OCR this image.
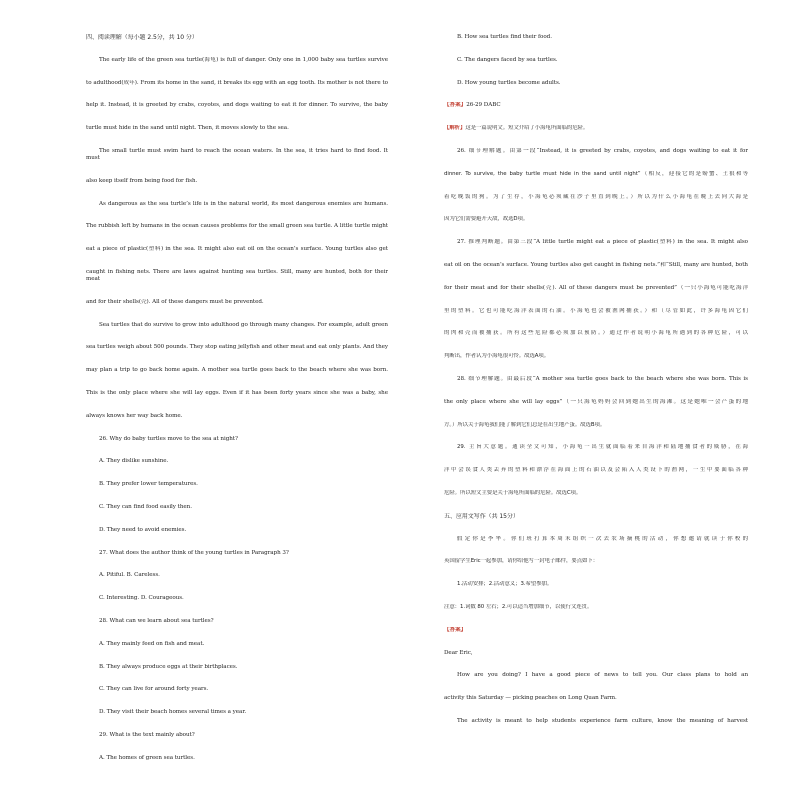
四、阅读理解（每小题 2.5分，共 10 分）

The early life of the green sea turtle(海龟) is full of danger. Only one in 1,000 baby sea turtles survive

to adulthood(成年). From its home in the sand, it breaks its egg with an egg tooth. Its mother is not there to

help it. Instead, it is greeted by crabs, coyotes, and dogs waiting to eat it for dinner. To survive, the baby

turtle must hide in the sand until night. Then, it moves slowly to the sea.

The small turtle must swim hard to reach the ocean waters. In the sea, it tries hard to find food. It must

also keep itself from being food for fish.

As dangerous as the sea turtle’s life is in the natural world, its most dangerous enemies are humans.

The rubbish left by humans in the ocean causes problems for the small green sea turtle. A little turtle might

eat a piece of plastic(塑料) in the sea. It might also eat oil on the ocean’s surface. Young turtles also get

caught in fishing nets. There are laws against hunting sea turtles. Still, many are hunted, both for their meat

and for their shells(壳). All of these dangers must be prevented.

Sea turtles that do survive to grow into adulthood go through many changes. For example, adult green

sea turtles weigh about 500 pounds. They stop eating jellyfish and other meat and eat only plants. And they

may plan a trip to go back home again. A mother sea turtle goes back to the beach where she was born.

This is the only place where she will lay eggs. Even if it has been forty years since she was a baby, she

always knows her way back home.

26. Why do baby turtles move to the sea at night?

A. They dislike sunshine.

B. They prefer lower temperatures.

C. They can find food easily then.

D. They need to avoid enemies.

27. What does the author think of the young turtles in Paragraph 3?

A. Pitiful. B. Careless.

C. Interesting. D. Courageous.

28. What can we learn about sea turtles?

A. They mainly feed on fish and meat.

B. They always produce eggs at their birthplaces.

C. They can live for around forty years.

D. They visit their beach homes several times a year.

29. What is the text mainly about?

A. The homes of green sea turtles.

B. How sea turtles find their food.

C. The dangers faced by sea turtles.

D. How young turtles become adults.

【答案】26-29 DABC

【解析】这是一篇说明文。短文介绍了小海龟所面临的危险。

26. 细节理解题。由第一段“Instead, it is greeted by crabs, coyotes, and dogs waiting to eat it for

dinner. To survive, the baby turtle must hide in the sand until night”（相反，迎接它的是螃蟹、土狼和等

着吃晚饭的狗。为了生存，小海龟必须藏在沙子里直到晚上。）所以为什么小海龟在晚上去向大海是

因为它们需要避开天敌，故选D项。

27. 推理判断题。由第三段“A little turtle might eat a piece of plastic(塑料) in the sea. It might also

eat oil on the ocean’s surface. Young turtles also get caught in fishing nets.”和“Still, many are hunted, both

for their meat and for their shells(壳). All of these dangers must be prevented”（一只小海龟可能吃海洋

里的塑料。它也可能吃海洋表面的石油。小海龟也会被渔网捕获。）和（尽管如此，许多海龟因它们

的肉和壳而被捕获。所有这些危险都必须加以预防。）通过作者说明小海龟所遇到的各种危险，可以

判断出，作者认为小海龟很可怜。故选A项。

28. 细节理解题。由最后段“A mother sea turtle goes back to the beach where she was born. This is

the only place where she will lay eggs”（一只海龟妈妈会回到她出生的海滩。这是她唯一会产蛋的地

方。）所以关于海龟我们能了解到它们总是在出生地产蛋。故选B项。

29. 主旨大意题。通读全文可知，小海龟一出生就面临着来自海洋和陆地捕食者的威胁，在海

洋中会误食人类丢弃的塑料和漂浮在海面上的石油以及会陷入人类设下的渔网，一生中要面临各种

危险。所以短文主要是关于海龟所面临的危险。故选C项。

五、应用文写作（共 15分）

假定你是李华。你们班打算本周末组织一次去农场摘桃的活动，你想邀请就读于你校的

英国留学生Eric一起参加，请你给他写一封电子邮件，要点如下：

1.活动安排；2.活动意义；3.希望参加。

注意：1.词数 80 左右；2.可以适当增加细节，以使行文连贯。

【答案】

Dear Eric,

How are you doing? I have a good piece of news to tell you. Our class plans to hold an

activity this Saturday — picking peaches on Long Quan Farm.

The activity is meant to help students experience farm culture, know the meaning of harvest
